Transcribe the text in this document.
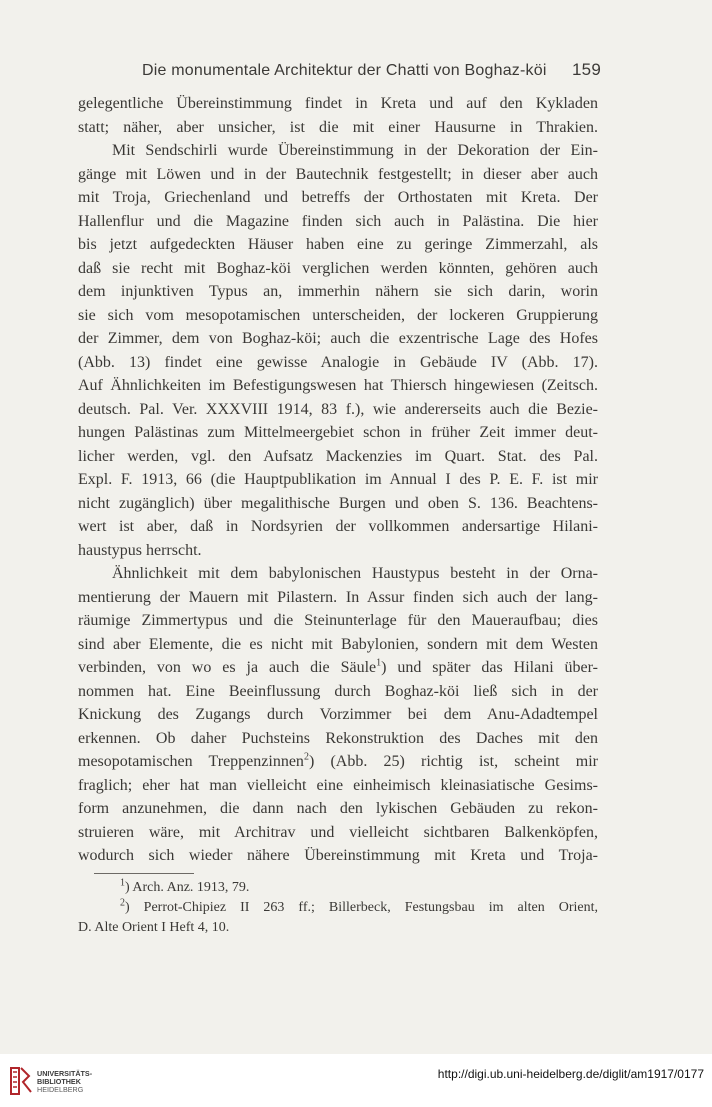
Die monumentale Architektur der Chatti von Boghaz-köi 159
gelegentliche Übereinstimmung findet in Kreta und auf den Kykladen
statt; näher, aber unsicher, ist die mit einer Hausurne in Thrakien.
Mit Sendschirli wurde Übereinstimmung in der Dekoration der Ein-
gänge mit Löwen und in der Bautechnik festgestellt; in dieser aber auch
mit Troja, Griechenland und betreffs der Orthostaten mit Kreta. Der
Hallenflur und die Magazine finden sich auch in Palästina. Die hier
bis jetzt aufgedeckten Häuser haben eine zu geringe Zimmerzahl, als
daß sie recht mit Boghaz-köi verglichen werden könnten, gehören auch
dem injunktiven Typus an, immerhin nähern sie sich darin, worin
sie sich vom mesopotamischen unterscheiden, der lockeren Gruppierung
der Zimmer, dem von Boghaz-köi; auch die exzentrische Lage des Hofes
(Abb. 13) findet eine gewisse Analogie in Gebäude IV (Abb. 17).
Auf Ähnlichkeiten im Befestigungswesen hat Thiersch hingewiesen (Zeitsch.
deutsch. Pal. Ver. XXXVIII 1914, 83 f.), wie andererseits auch die Bezie-
hungen Palästinas zum Mittelmeergebiet schon in früher Zeit immer deut-
licher werden, vgl. den Aufsatz Mackenzies im Quart. Stat. des Pal.
Expl. F. 1913, 66 (die Hauptpublikation im Annual I des P. E. F. ist mir
nicht zugänglich) über megalithische Burgen und oben S. 136. Beachtens-
wert ist aber, daß in Nordsyrien der vollkommen andersartige Hilani-
haustypus herrscht.
Ähnlichkeit mit dem babylonischen Haustypus besteht in der Orna-
mentierung der Mauern mit Pilastern. In Assur finden sich auch der lang-
räumige Zimmertypus und die Steinunterlage für den Maueraufbau; dies
sind aber Elemente, die es nicht mit Babylonien, sondern mit dem Westen
verbinden, von wo es ja auch die Säule$^1$) und später das Hilani über-
nommen hat. Eine Beeinflussung durch Boghaz-köi ließ sich in der
Knickung des Zugangs durch Vorzimmer bei dem Anu-Adadtempel
erkennen. Ob daher Puchsteins Rekonstruktion des Daches mit den
mesopotamischen Treppenzinnen$^2$) (Abb. 25) richtig ist, scheint mir
fraglich; eher hat man vielleicht eine einheimisch kleinasiatische Gesims-
form anzunehmen, die dann nach den lykischen Gebäuden zu rekon-
struieren wäre, mit Architrav und vielleicht sichtbaren Balkenköpfen,
wodurch sich wieder nähere Übereinstimmung mit Kreta und Troja-
$^1$) Arch. Anz. 1913, 79.
$^2$) Perrot-Chipiez II 263 ff.; Billerbeck, Festungsbau im alten Orient,
D. Alte Orient I Heft 4, 10.
UNIVERSITÄTS-
BIBLIOTHEK
HEIDELBERG
http://digi.ub.uni-heidelberg.de/diglit/am1917/0177
